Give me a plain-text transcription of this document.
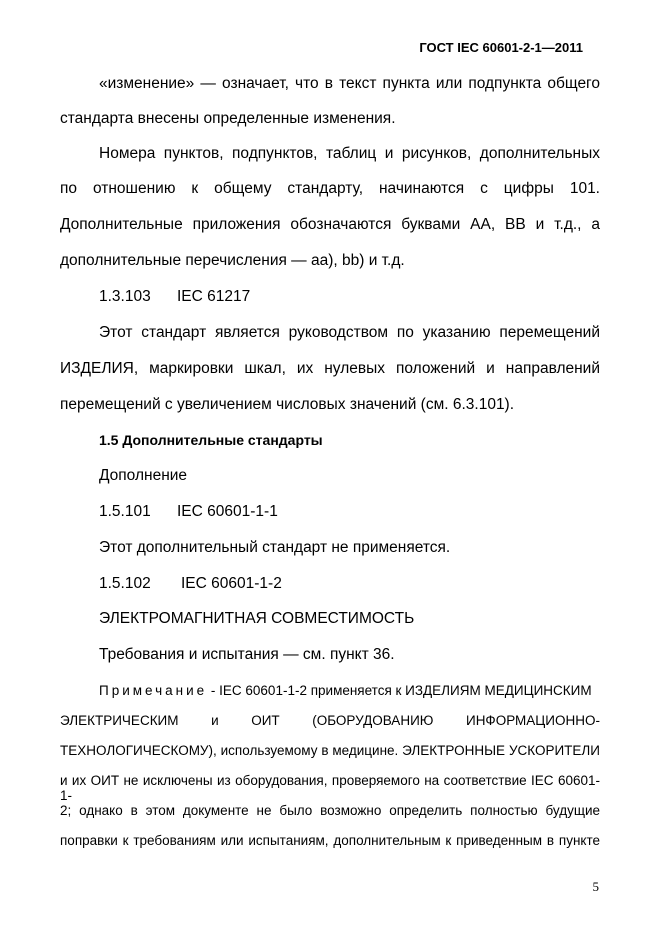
ГОСТ IEC 60601-2-1—2011
«изменение» — означает, что в текст пункта или подпункта общего
стандарта внесены определенные изменения.
Номера пунктов, подпунктов, таблиц и рисунков, дополнительных
по отношению к общему стандарту, начинаются с цифры 101.
Дополнительные приложения обозначаются буквами АА, ВВ и т.д., а
дополнительные перечисления — аа), bb) и т.д.
1.3.103 IEC 61217
Этот стандарт является руководством по указанию перемещений
ИЗДЕЛИЯ, маркировки шкал, их нулевых положений и направлений
перемещений с увеличением числовых значений (см. 6.3.101).
1.5 Дополнительные стандарты
Дополнение
1.5.101 IEC 60601-1-1
Этот дополнительный стандарт не применяется.
1.5.102 IEC 60601-1-2
ЭЛЕКТРОМАГНИТНАЯ СОВМЕСТИМОСТЬ
Требования и испытания — см. пункт 36.
Примечание - IEC 60601-1-2 применяется к ИЗДЕЛИЯМ МЕДИЦИНСКИМ
ЭЛЕКТРИЧЕСКИМ и ОИТ (ОБОРУДОВАНИЮ ИНФОРМАЦИОННО-
ТЕХНОЛОГИЧЕСКОМУ), используемому в медицине. ЭЛЕКТРОННЫЕ УСКОРИТЕЛИ
и их ОИТ не исключены из оборудования, проверяемого на соответствие IEC 60601-1-
2; однако в этом документе не было возможно определить полностью будущие
поправки к требованиям или испытаниям, дополнительным к приведенным в пункте
5
